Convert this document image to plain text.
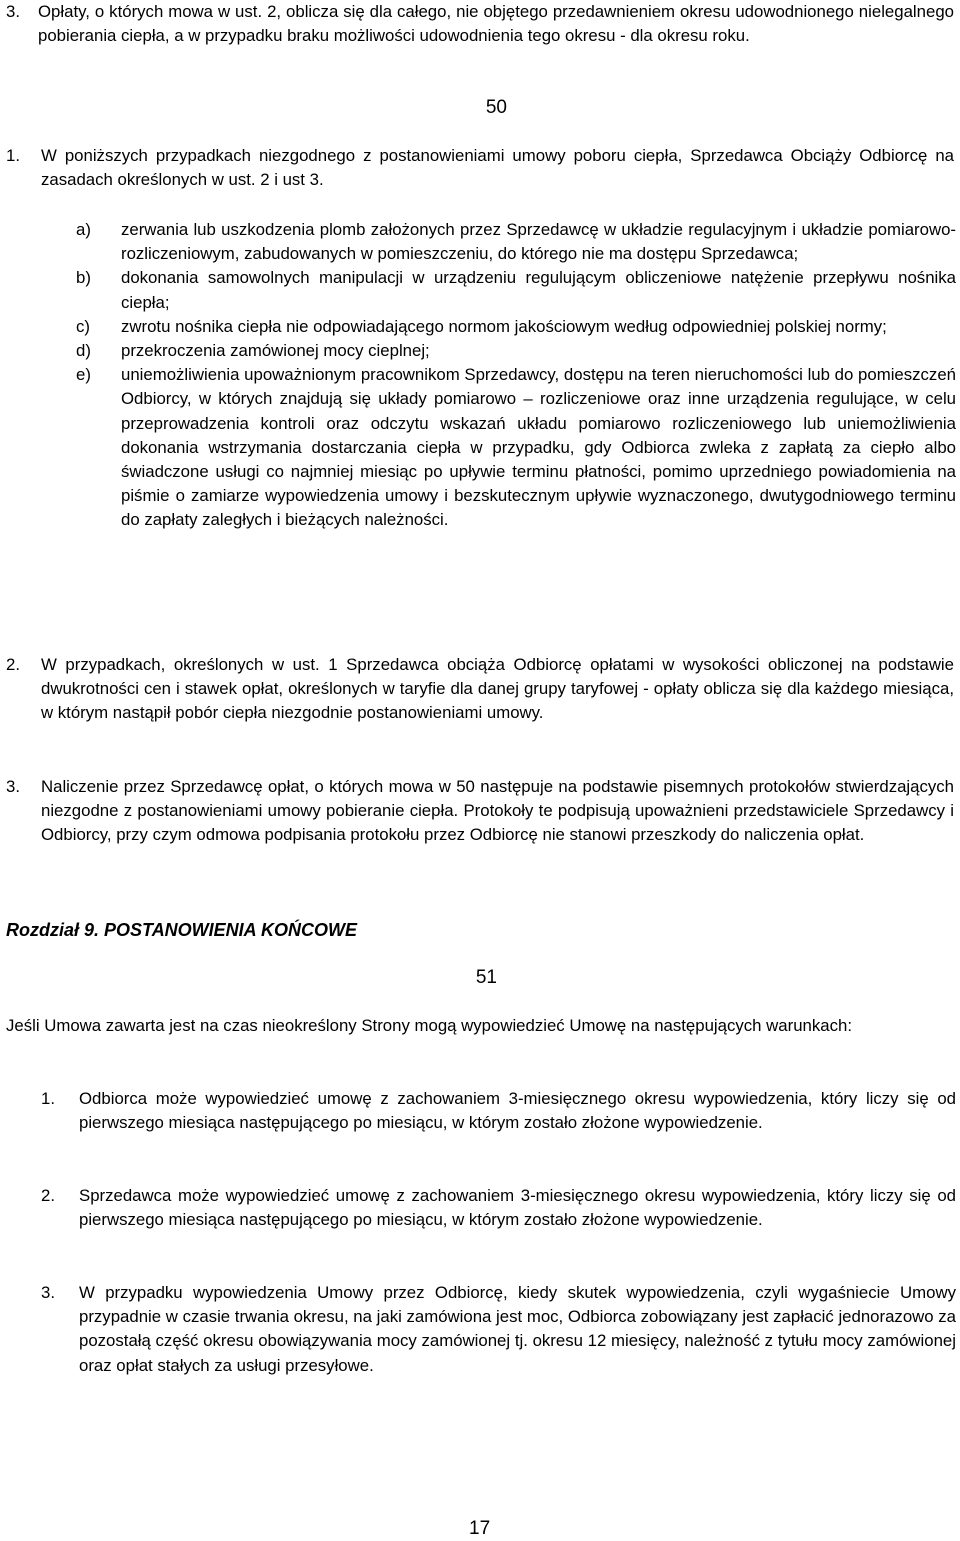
3.	Opłaty, o których mowa w ust. 2, oblicza się dla całego, nie objętego przedawnieniem okresu udowodnionego nielegalnego pobierania ciepła, a w przypadku braku możliwości udowodnienia tego okresu - dla okresu roku.
§ 50
1.	W poniższych przypadkach niezgodnego z postanowieniami umowy poboru ciepła, Sprzedawca Obciąży Odbiorcę na zasadach określonych w ust. 2 i ust 3.
a)	zerwania lub uszkodzenia plomb założonych przez Sprzedawcę w układzie regulacyjnym i układzie pomiarowo-rozliczeniowym, zabudowanych w pomieszczeniu, do którego nie ma dostępu Sprzedawca;
b)	dokonania samowolnych manipulacji w urządzeniu regulującym obliczeniowe natężenie przepływu nośnika ciepła;
c)	zwrotu nośnika ciepła nie odpowiadającego normom jakościowym według odpowiedniej polskiej normy;
d)	przekroczenia zamówionej mocy cieplnej;
e)	uniemożliwienia upoważnionym pracownikom Sprzedawcy, dostępu na teren nieruchomości lub do pomieszczeń Odbiorcy, w których znajdują się układy pomiarowo – rozliczeniowe oraz inne urządzenia regulujące, w celu przeprowadzenia kontroli oraz odczytu wskazań układu pomiarowo rozliczeniowego lub uniemożliwienia dokonania wstrzymania dostarczania ciepła w przypadku, gdy Odbiorca zwleka z zapłatą za ciepło albo świadczone usługi co najmniej miesiąc po upływie terminu płatności, pomimo uprzedniego powiadomienia na piśmie o zamiarze wypowiedzenia umowy i bezskutecznym upływie wyznaczonego, dwutygodniowego terminu do zapłaty zaległych i bieżących należności.
2.	W przypadkach, określonych w ust. 1 Sprzedawca obciąża Odbiorcę opłatami w wysokości obliczonej na podstawie dwukrotności cen i stawek opłat, określonych w taryfie dla danej grupy taryfowej - opłaty oblicza się dla każdego miesiąca, w którym nastąpił pobór ciepła niezgodnie postanowieniami umowy.
3.	Naliczenie przez Sprzedawcę opłat, o których mowa w 50 następuje na podstawie pisemnych protokołów stwierdzających niezgodne z postanowieniami umowy pobieranie ciepła. Protokoły te podpisują upoważnieni przedstawiciele Sprzedawcy i Odbiorcy, przy czym odmowa podpisania protokołu przez Odbiorcę nie stanowi przeszkody do naliczenia opłat.
Rozdział 9. POSTANOWIENIA KOŃCOWE
§ 51
Jeśli Umowa zawarta jest na czas nieokreślony Strony mogą wypowiedzieć Umowę na następujących warunkach:
1.	Odbiorca może wypowiedzieć umowę z zachowaniem 3-miesięcznego okresu wypowiedzenia, który liczy się od pierwszego miesiąca następującego po miesiącu, w którym zostało złożone wypowiedzenie.
2.	Sprzedawca może wypowiedzieć umowę z zachowaniem 3-miesięcznego okresu wypowiedzenia, który liczy się od pierwszego miesiąca następującego po miesiącu, w którym zostało złożone wypowiedzenie.
3.	W przypadku wypowiedzenia Umowy przez Odbiorcę, kiedy skutek wypowiedzenia, czyli wygaśniecie Umowy przypadnie w czasie trwania okresu, na jaki zamówiona jest moc, Odbiorca zobowiązany jest zapłacić jednorazowo za pozostałą część okresu obowiązywania mocy zamówionej tj. okresu 12 miesięcy, należność z tytułu mocy zamówionej oraz opłat stałych za usługi przesyłowe.
17
